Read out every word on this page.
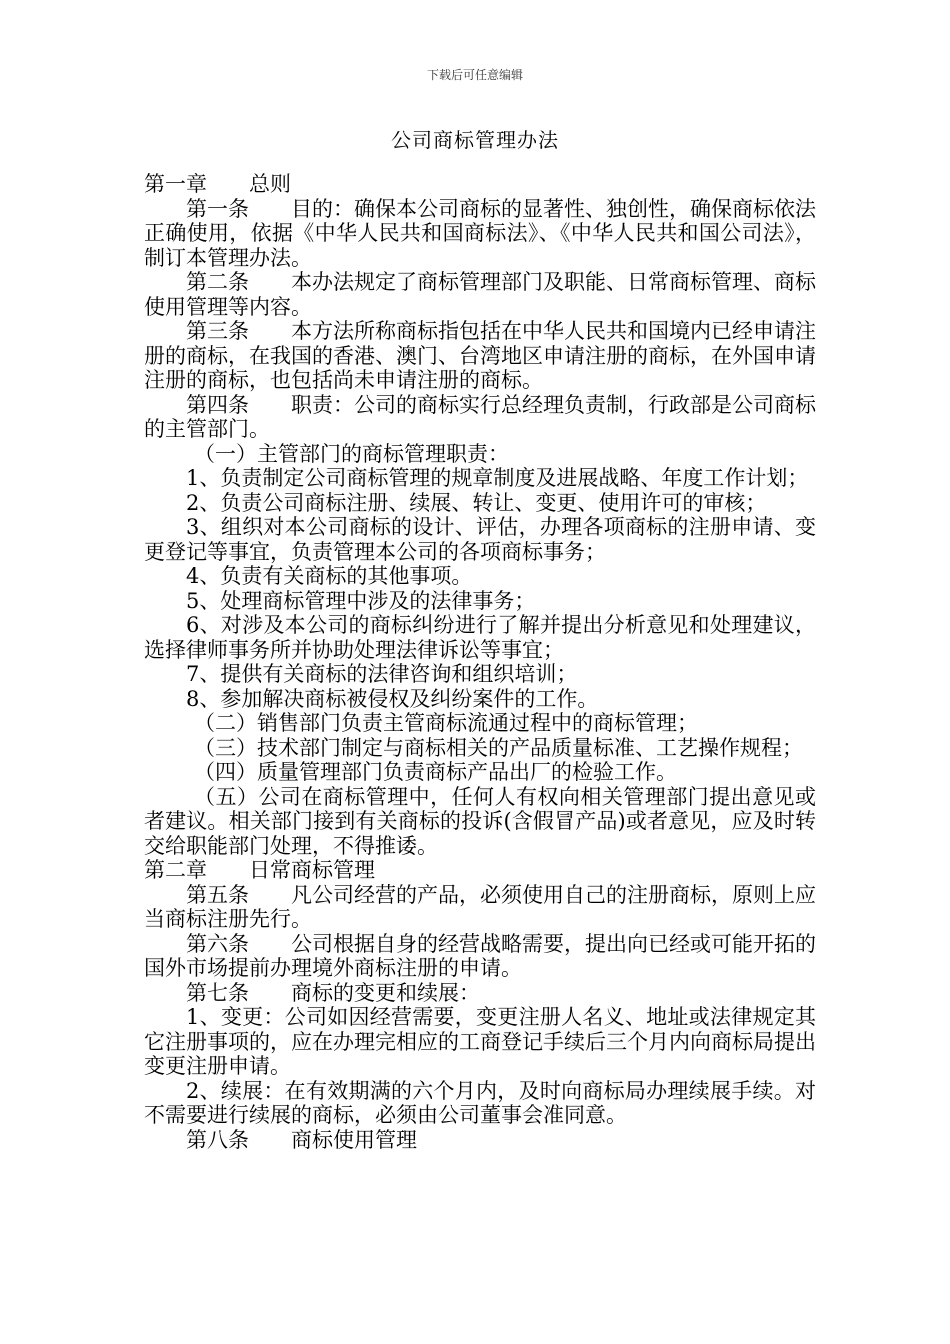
下载后可任意编辑
公司商标管理办法

第一章 总则

第一条 目的：确保本公司商标的显著性、独创性，确保商标依法正确使用，依据《中华人民共和国商标法》、《中华人民共和国公司法》，制订本管理办法。

第二条 本办法规定了商标管理部门及职能、日常商标管理、商标使用管理等内容。

第三条 本方法所称商标指包括在中华人民共和国境内已经申请注册的商标，在我国的香港、澳门、台湾地区申请注册的商标，在外国申请注册的商标，也包括尚未申请注册的商标。

第四条 职责：公司的商标实行总经理负责制，行政部是公司商标的主管部门。

（一）主管部门的商标管理职责：

1、负责制定公司商标管理的规章制度及进展战略、年度工作计划；

2、负责公司商标注册、续展、转让、变更、使用许可的审核；

3、组织对本公司商标的设计、评估，办理各项商标的注册申请、变更登记等事宜，负责管理本公司的各项商标事务；

4、负责有关商标的其他事项。

5、处理商标管理中涉及的法律事务；

6、对涉及本公司的商标纠纷进行了解并提出分析意见和处理建议，选择律师事务所并协助处理法律诉讼等事宜；

7、提供有关商标的法律咨询和组织培训；

8、参加解决商标被侵权及纠纷案件的工作。

（二）销售部门负责主管商标流通过程中的商标管理；

（三）技术部门制定与商标相关的产品质量标准、工艺操作规程；

（四）质量管理部门负责商标产品出厂的检验工作。

（五）公司在商标管理中，任何人有权向相关管理部门提出意见或者建议。相关部门接到有关商标的投诉(含假冒产品)或者意见，应及时转交给职能部门处理，不得推诿。

第二章 日常商标管理

第五条 凡公司经营的产品，必须使用自己的注册商标，原则上应当商标注册先行。

第六条 公司根据自身的经营战略需要，提出向已经或可能开拓的国外市场提前办理境外商标注册的申请。

第七条 商标的变更和续展：

1、变更：公司如因经营需要，变更注册人名义、地址或法律规定其它注册事项的，应在办理完相应的工商登记手续后三个月内向商标局提出变更注册申请。

2、续展：在有效期满的六个月内，及时向商标局办理续展手续。对不需要进行续展的商标，必须由公司董事会准同意。

第八条 商标使用管理
